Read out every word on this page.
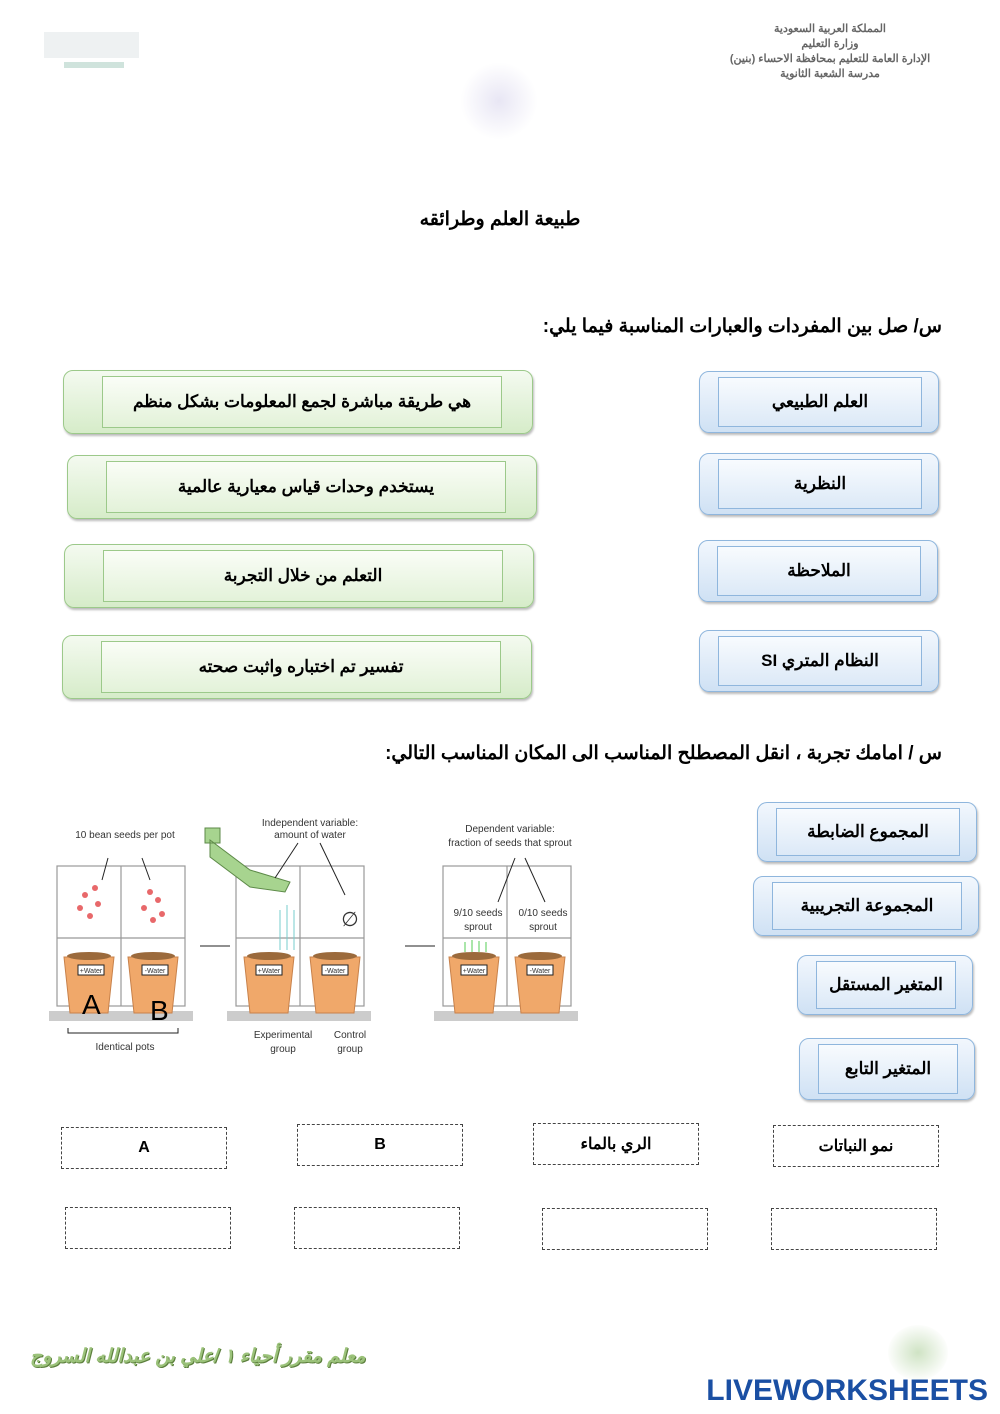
المملكة العربية السعودية
وزارة التعليم
الإدارة العامة للتعليم بمحافظة الاحساء (بنين)
مدرسة الشعبة الثانوية
طبيعة العلم وطرائقه
س/ صل بين المفردات والعبارات المناسبة فيما يلي:
هي طريقة مباشرة لجمع المعلومات بشكل منظم
يستخدم وحدات قياس معيارية عالمية
التعلم من خلال التجربة
تفسير تم اختباره واثبت صحته
العلم الطبيعي
النظرية
الملاحظة
النظام المتري SI
س / امامك تجربة ، انقل المصطلح المناسب الى المكان المناسب التالي:
+Water	-Water	+Water	-Water	+Water	-Water
A B
10 bean seeds per pot
Independent variable:
amount of water
Dependent variable:
fraction of seeds that sprout
9/10 seeds
sprout
0/10 seeds
sprout
∅
Identical pots
Experimental
group
Control
group
المجموع الضابطة
المجموعة التجريبية
المتغير المستقل
المتغير التابع
A	B	الري بالماء	نمو النباتات
معلم مقرر أحياء ١ /علي بن عبدالله السروج
LIVEWORKSHEETS
